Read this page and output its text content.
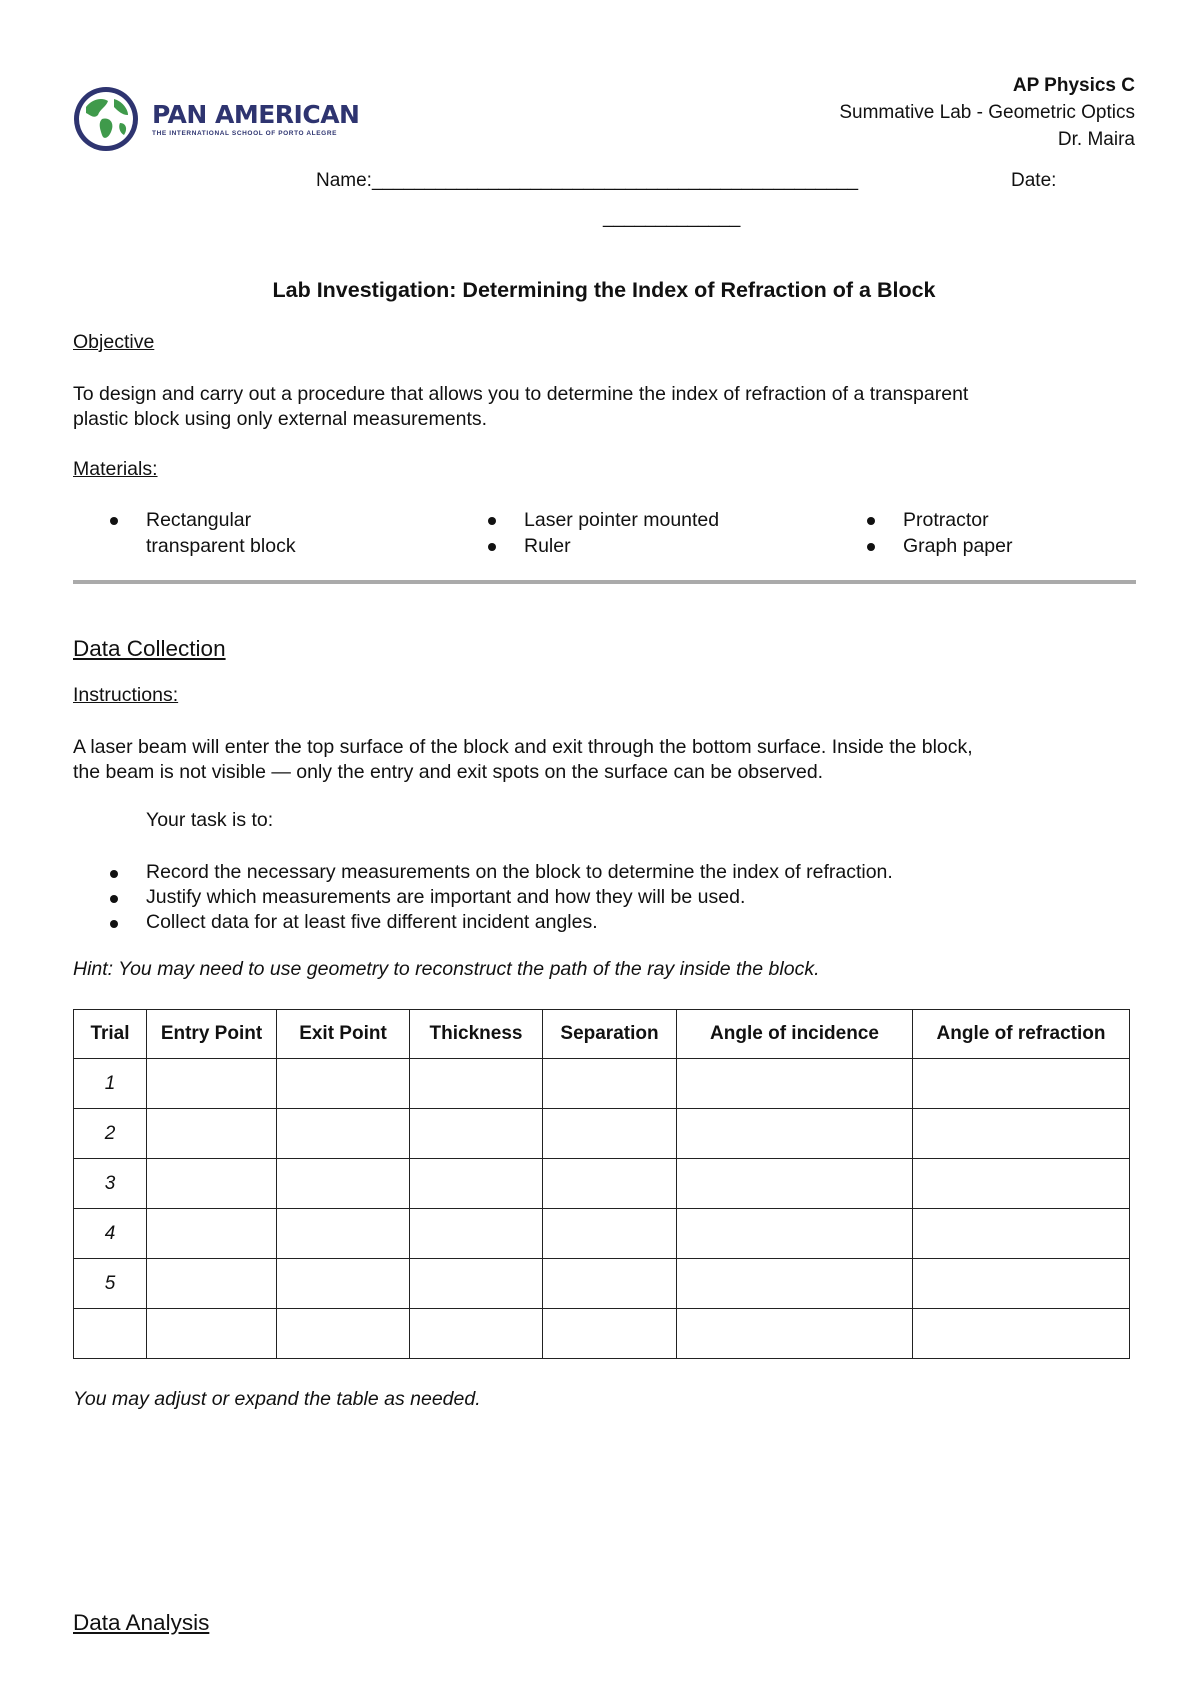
PAN AMERICAN
THE INTERNATIONAL SCHOOL OF PORTO ALEGRE
AP Physics C
Summative Lab - Geometric Optics
Dr. Maira
Name:______________________________________________	Date:
_____________
Lab Investigation: Determining the Index of Refraction of a Block
Objective
To design and carry out a procedure that allows you to determine the index of refraction of a transparent
plastic block using only external measurements.
Materials:
Rectangular
transparent block
Laser pointer mounted
Ruler
Protractor
Graph paper
Data Collection
Instructions:
A laser beam will enter the top surface of the block and exit through the bottom surface. Inside the block,
the beam is not visible — only the entry and exit spots on the surface can be observed.
Your task is to:
Record the necessary measurements on the block to determine the index of refraction.
Justify which measurements are important and how they will be used.
Collect data for at least five different incident angles.
Hint: You may need to use geometry to reconstruct the path of the ray inside the block.
Trial	Entry Point	Exit Point	Thickness	Separation	Angle of incidence	Angle of refraction
1						
2						
3						
4						
5						

You may adjust or expand the table as needed.
Data Analysis
